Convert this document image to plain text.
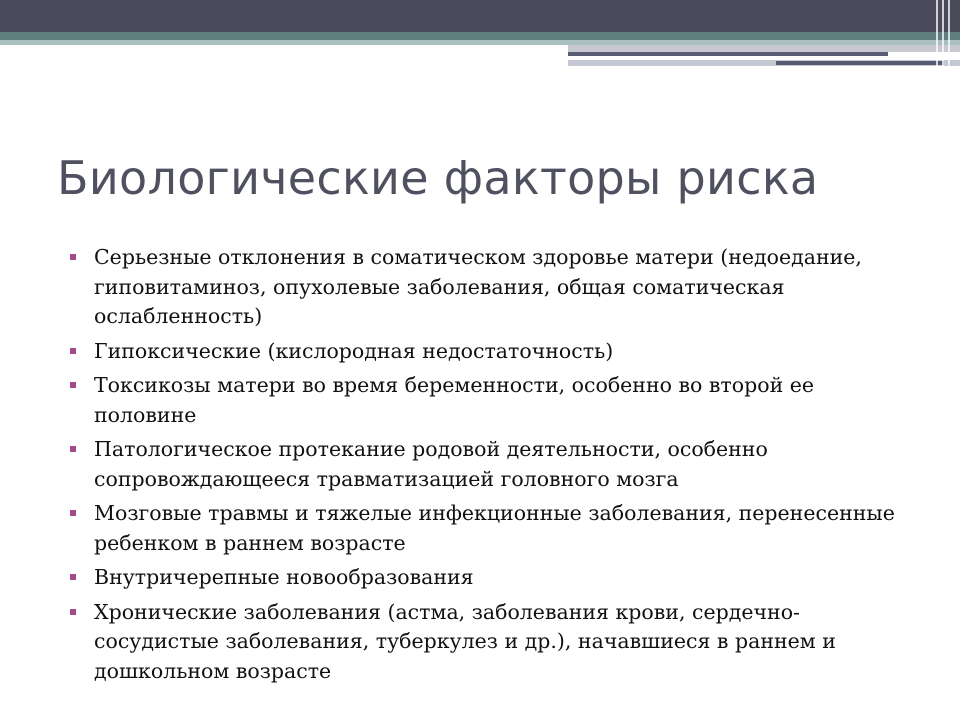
Биологические факторы риска
Серьезные отклонения в соматическом здоровье матери (недоедание, гиповитаминоз, опухолевые заболевания, общая соматическая ослабленность)
Гипоксические (кислородная недостаточность)
Токсикозы матери во время беременности, особенно во второй ее половине
Патологическое протекание родовой деятельности, особенно сопровождающееся травматизацией головного мозга
Мозговые травмы и тяжелые инфекционные заболевания, перенесенные ребенком в раннем возрасте
Внутричерепные новообразования
Хронические заболевания (астма, заболевания крови, сердечно-сосудистые заболевания, туберкулез и др.), начавшиеся в раннем и дошкольном возрасте
